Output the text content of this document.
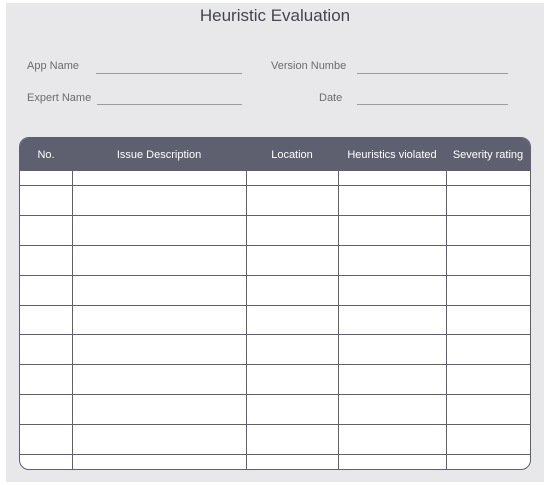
Heuristic Evaluation
App Name	Version Numbe
Expert Name	Date
No.	Issue Description	Location	Heuristics violated	Severity rating
